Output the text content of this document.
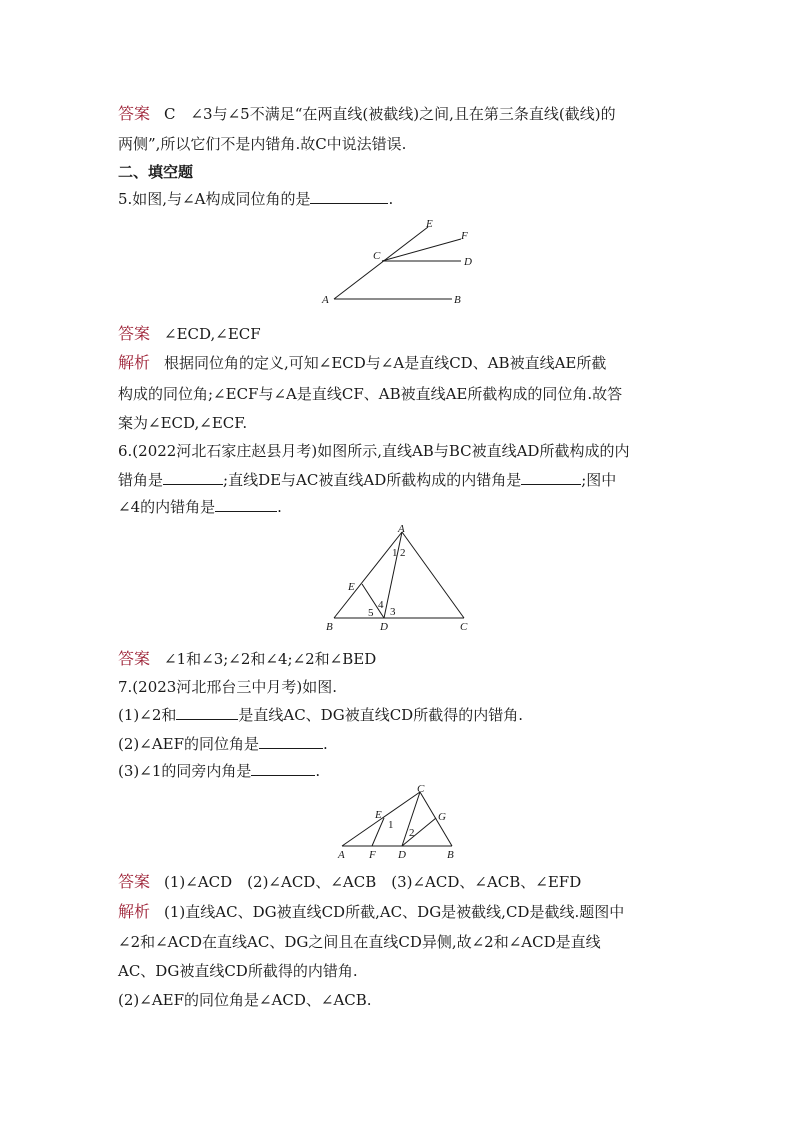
答案 C　∠3与∠5不满足“在两直线(被截线)之间,且在第三条直线(截线)的
两侧”,所以它们不是内错角.故C中说法错误.
二、填空题
5.如图,与∠A构成同位角的是	.
E
F
C	D
A	B
答案 ∠ECD,∠ECF
解析 根据同位角的定义,可知∠ECD与∠A是直线CD、AB被直线AE所截
构成的同位角;∠ECF与∠A是直线CF、AB被直线AE所截构成的同位角.故答
案为∠ECD,∠ECF.
6.(2022河北石家庄赵县月考)如图所示,直线AB与BC被直线AD所截构成的内
错角是	;直线DE与AC被直线AD所截构成的内错角是	;图中
∠4的内错角是	.
A
1 2
E
4
5 3
B	D	C
答案 ∠1和∠3;∠2和∠4;∠2和∠BED
7.(2023河北邢台三中月考)如图.
(1)∠2和	是直线AC、DG被直线CD所截得的内错角.
(2)∠AEF的同位角是	.
(3)∠1的同旁内角是	.
C
E	G
1
2
A F D	B
答案 (1)∠ACD　(2)∠ACD、∠ACB　(3)∠ACD、∠ACB、∠EFD
解析 (1)直线AC、DG被直线CD所截,AC、DG是被截线,CD是截线.题图中
∠2和∠ACD在直线AC、DG之间且在直线CD异侧,故∠2和∠ACD是直线
AC、DG被直线CD所截得的内错角.
(2)∠AEF的同位角是∠ACD、∠ACB.
